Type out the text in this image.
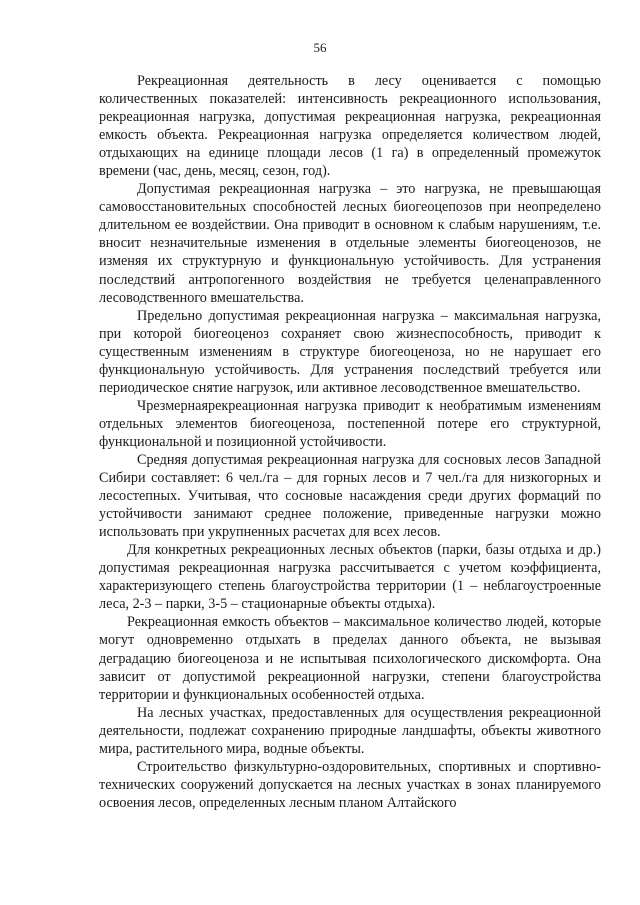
56

Рекреационная деятельность в лесу оценивается с помощью количественных показателей: интенсивность рекреационного использования, рекреационная нагрузка, допустимая рекреационная нагрузка, рекреационная емкость объекта. Рекреационная нагрузка определяется количеством людей, отдыхающих на единице площади лесов (1 га) в определенный промежуток времени (час, день, месяц, сезон, год).

Допустимая рекреационная нагрузка – это нагрузка, не превышающая самовосстановительных способностей лесных биогеоцепозов при неопределено длительном ее воздействии. Она приводит в основном к слабым нарушениям, т.е. вносит незначительные изменения в отдельные элементы биогеоценозов, не изменяя их структурную и функциональную устойчивость. Для устранения последствий антропогенного воздействия не требуется целенаправленного лесоводственного вмешательства.

Предельно допустимая рекреационная нагрузка – максимальная нагрузка, при которой биогеоценоз сохраняет свою жизнеспособность, приводит к существенным изменениям в структуре биогеоценоза, но не нарушает его функциональную устойчивость. Для устранения последствий требуется или периодическое снятие нагрузок, или активное лесоводственное вмешательство.

Чрезмернаярекреационная нагрузка приводит к необратимым изменениям отдельных элементов биогеоценоза, постепенной потере его структурной, функциональной и позиционной устойчивости.

Средняя допустимая рекреационная нагрузка для сосновых лесов Западной Сибири составляет: 6 чел./га – для горных лесов и 7 чел./га для низкогорных и лесостепных. Учитывая, что сосновые насаждения среди других формаций по устойчивости занимают среднее положение, приведенные нагрузки можно использовать при укрупненных расчетах для всех лесов.

Для конкретных рекреационных лесных объектов (парки, базы отдыха и др.) допустимая рекреационная нагрузка рассчитывается с учетом коэффициента, характеризующего степень благоустройства территории (1 – неблагоустроенные леса, 2-3 – парки, 3-5 – стационарные объекты отдыха).

Рекреационная емкость объектов – максимальное количество людей, которые могут одновременно отдыхать в пределах данного объекта, не вызывая деградацию биогеоценоза и не испытывая психологического дискомфорта. Она зависит от допустимой рекреационной нагрузки, степени благоустройства территории и функциональных особенностей отдыха.

На лесных участках, предоставленных для осуществления рекреационной деятельности, подлежат сохранению природные ландшафты, объекты животного мира, растительного мира, водные объекты.

Строительство физкультурно-оздоровительных, спортивных и спортивно-технических сооружений допускается на лесных участках в зонах планируемого освоения лесов, определенных лесным планом Алтайского
